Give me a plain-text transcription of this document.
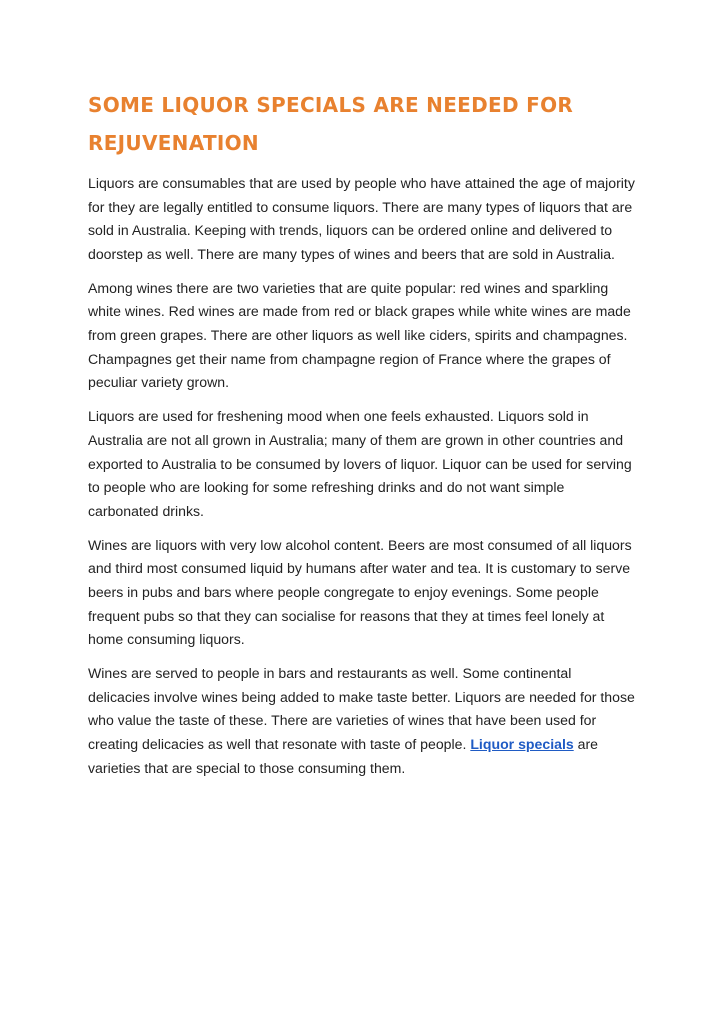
SOME LIQUOR SPECIALS ARE NEEDED FOR REJUVENATION

Liquors are consumables that are used by people who have attained the age of majority for they are legally entitled to consume liquors. There are many types of liquors that are sold in Australia. Keeping with trends, liquors can be ordered online and delivered to doorstep as well. There are many types of wines and beers that are sold in Australia.

Among wines there are two varieties that are quite popular: red wines and sparkling white wines. Red wines are made from red or black grapes while white wines are made from green grapes. There are other liquors as well like ciders, spirits and champagnes. Champagnes get their name from champagne region of France where the grapes of peculiar variety grown.

Liquors are used for freshening mood when one feels exhausted. Liquors sold in Australia are not all grown in Australia; many of them are grown in other countries and exported to Australia to be consumed by lovers of liquor. Liquor can be used for serving to people who are looking for some refreshing drinks and do not want simple carbonated drinks.

Wines are liquors with very low alcohol content. Beers are most consumed of all liquors and third most consumed liquid by humans after water and tea. It is customary to serve beers in pubs and bars where people congregate to enjoy evenings. Some people frequent pubs so that they can socialise for reasons that they at times feel lonely at home consuming liquors.

Wines are served to people in bars and restaurants as well. Some continental delicacies involve wines being added to make taste better. Liquors are needed for those who value the taste of these. There are varieties of wines that have been used for creating delicacies as well that resonate with taste of people. Liquor specials are varieties that are special to those consuming them.
